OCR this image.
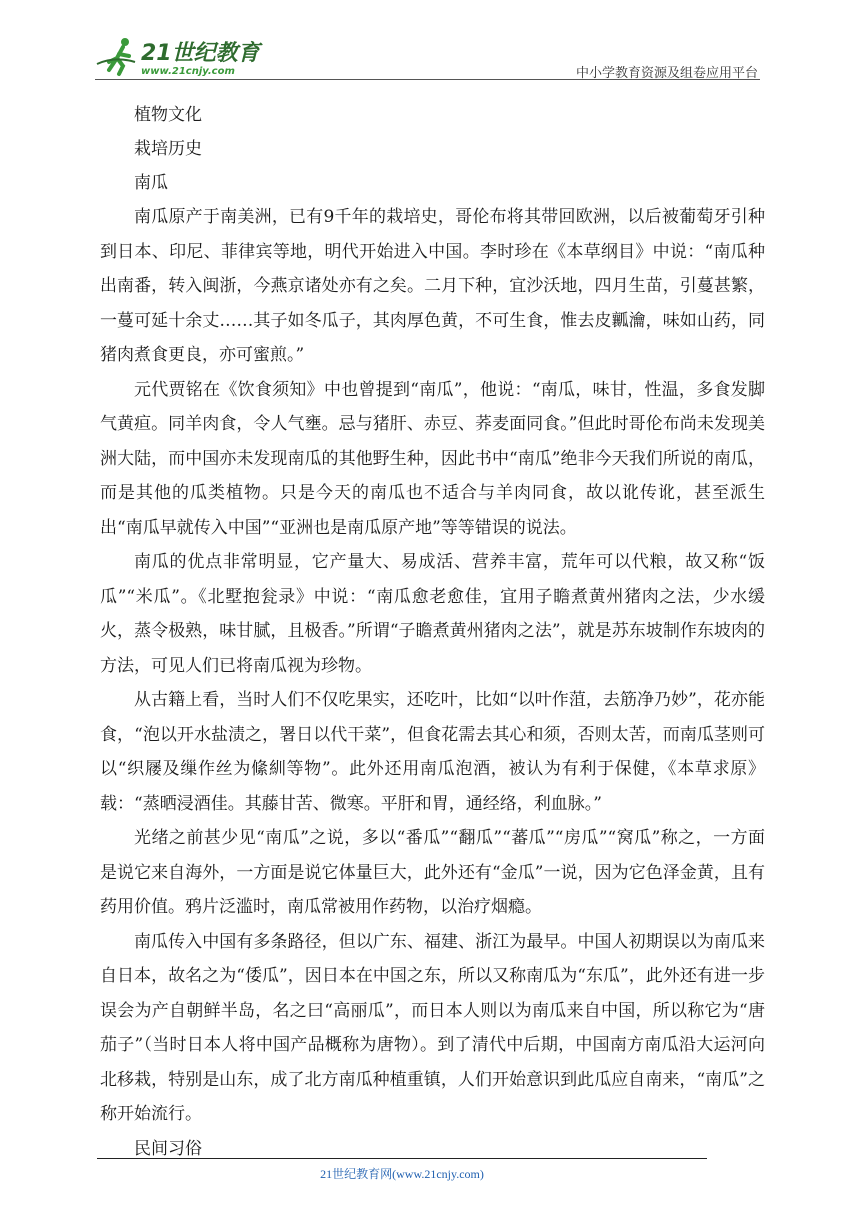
21世纪教育
www.21cnjy.com	中小学教育资源及组卷应用平台

植物文化

栽培历史

南瓜

南瓜原产于南美洲，已有9千年的栽培史，哥伦布将其带回欧洲，以后被葡萄牙引种到日本、印尼、菲律宾等地，明代开始进入中国。李时珍在《本草纲目》中说：“南瓜种出南番，转入闽浙，今燕京诸处亦有之矣。二月下种，宜沙沃地，四月生苗，引蔓甚繁，一蔓可延十余丈……其子如冬瓜子，其肉厚色黄，不可生食，惟去皮瓤瀹，味如山药，同猪肉煮食更良，亦可蜜煎。”

元代贾铭在《饮食须知》中也曾提到“南瓜”，他说：“南瓜，味甘，性温，多食发脚气黄疸。同羊肉食，令人气壅。忌与猪肝、赤豆、荞麦面同食。”但此时哥伦布尚未发现美洲大陆，而中国亦未发现南瓜的其他野生种，因此书中“南瓜”绝非今天我们所说的南瓜，而是其他的瓜类植物。只是今天的南瓜也不适合与羊肉同食，故以讹传讹，甚至派生出“南瓜早就传入中国”“亚洲也是南瓜原产地”等等错误的说法。

南瓜的优点非常明显，它产量大、易成活、营养丰富，荒年可以代粮，故又称“饭瓜”“米瓜”。《北墅抱瓮录》中说：“南瓜愈老愈佳，宜用子瞻煮黄州猪肉之法，少水缓火，蒸令极熟，味甘腻，且极香。”所谓“子瞻煮黄州猪肉之法”，就是苏东坡制作东坡肉的方法，可见人们已将南瓜视为珍物。

从古籍上看，当时人们不仅吃果实，还吃叶，比如“以叶作菹，去筋净乃妙”，花亦能食，“泡以开水盐渍之，署日以代干菜”，但食花需去其心和须，否则太苦，而南瓜茎则可以“织屦及缫作丝为絛紃等物”。此外还用南瓜泡酒，被认为有利于保健，《本草求原》载：“蒸晒浸酒佳。其藤甘苦、微寒。平肝和胃，通经络，利血脉。”

光绪之前甚少见“南瓜”之说，多以“番瓜”“翻瓜”“蕃瓜”“房瓜”“窝瓜”称之，一方面是说它来自海外，一方面是说它体量巨大，此外还有“金瓜”一说，因为它色泽金黄，且有药用价值。鸦片泛滥时，南瓜常被用作药物，以治疗烟瘾。

南瓜传入中国有多条路径，但以广东、福建、浙江为最早。中国人初期误以为南瓜来自日本，故名之为“倭瓜”，因日本在中国之东，所以又称南瓜为“东瓜”，此外还有进一步误会为产自朝鲜半岛，名之曰“高丽瓜”，而日本人则以为南瓜来自中国，所以称它为“唐茄子”（当时日本人将中国产品概称为唐物）。到了清代中后期，中国南方南瓜沿大运河向北移栽，特别是山东，成了北方南瓜种植重镇，人们开始意识到此瓜应自南来，“南瓜”之称开始流行。

民间习俗

21世纪教育网(www.21cnjy.com)
